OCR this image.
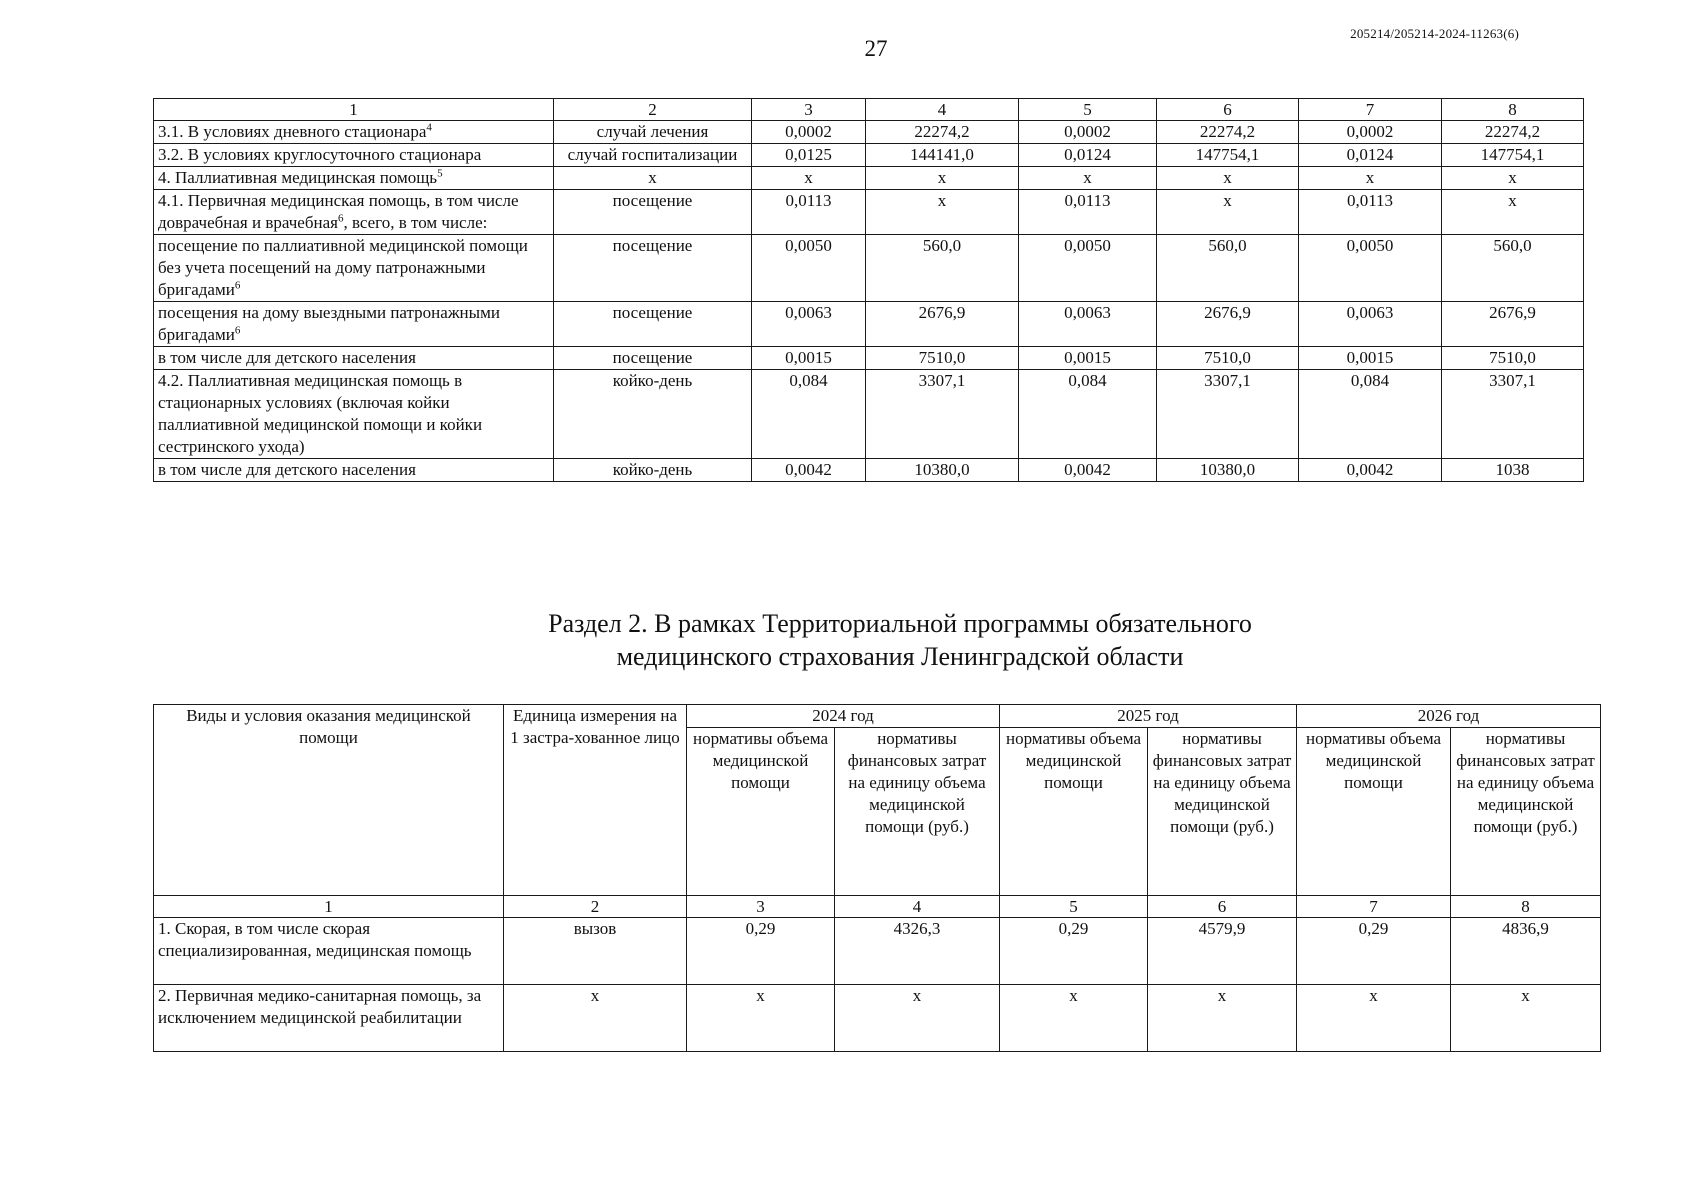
27
205214/205214-2024-11263(6)
1	2	3	4	5	6	7	8
3.1. В условиях дневного стационара$^4$	случай лечения	0,0002	22274,2	0,0002	22274,2	0,0002	22274,2
3.2. В условиях круглосуточного стационара	случай госпитализации	0,0125	144141,0	0,0124	147754,1	0,0124	147754,1
4. Паллиативная медицинская помощь$^5$	х	х	х	х	х	х	х
4.1. Первичная медицинская помощь, в том числе доврачебная и врачебная$^6$, всего, в том числе:	посещение	0,0113	х	0,0113	х	0,0113	х
посещение по паллиативной медицинской помощи без учета посещений на дому патронажными бригадами$^6$	посещение	0,0050	560,0	0,0050	560,0	0,0050	560,0
посещения на дому выездными патронажными бригадами$^6$	посещение	0,0063	2676,9	0,0063	2676,9	0,0063	2676,9
в том числе для детского населения	посещение	0,0015	7510,0	0,0015	7510,0	0,0015	7510,0
4.2. Паллиативная медицинская помощь в стационарных условиях (включая койки паллиативной медицинской помощи и койки сестринского ухода)	койко-день	0,084	3307,1	0,084	3307,1	0,084	3307,1
в том числе для детского населения	койко-день	0,0042	10380,0	0,0042	10380,0	0,0042	1038
Раздел 2. В рамках Территориальной программы обязательного
медицинского страхования Ленинградской области
Виды и условия оказания медицинской помощи	Единица измерения на 1 застра-хованное лицо	2024 год		2025 год		2026 год	
		нормативы объема медицинской помощи	нормативы финансовых затрат на единицу объема медицинской помощи (руб.)	нормативы объема медицинской помощи	нормативы финансовых затрат на единицу объема медицинской помощи (руб.)	нормативы объема медицинской помощи	нормативы финансовых затрат на единицу объема медицинской помощи (руб.)
1	2	3	4	5	6	7	8
1. Скорая, в том числе скорая специализированная, медицинская помощь	вызов	0,29	4326,3	0,29	4579,9	0,29	4836,9
2. Первичная медико-санитарная помощь, за исключением медицинской реабилитации	х	х	х	х	х	х	х
